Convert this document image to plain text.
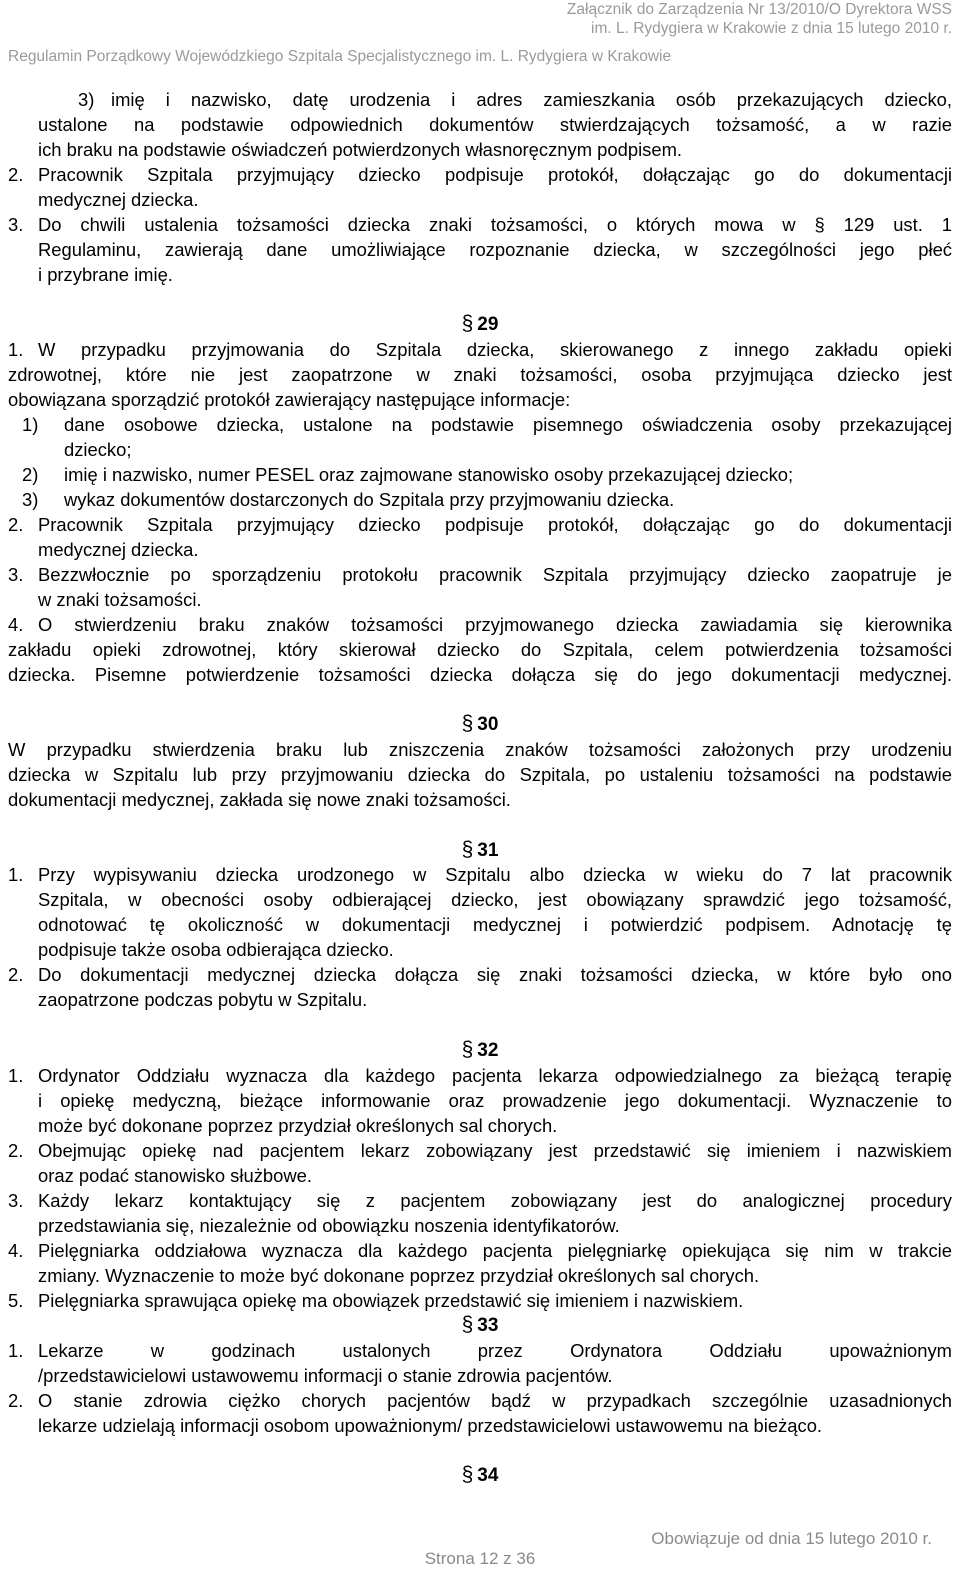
Załącznik do Zarządzenia Nr 13/2010/O Dyrektora WSS
im. L. Rydygiera w Krakowie z dnia 15 lutego 2010 r.
Regulamin Porządkowy Wojewódzkiego Szpitala Specjalistycznego im. L. Rydygiera w Krakowie
3) imię i nazwisko, datę urodzenia i adres zamieszkania osób przekazujących dziecko,
ustalone na podstawie odpowiednich dokumentów stwierdzających tożsamość, a w razie
ich braku na podstawie oświadczeń potwierdzonych własnoręcznym podpisem.
2. Pracownik Szpitala przyjmujący dziecko podpisuje protokół, dołączając go do dokumentacji
medycznej dziecka.
3. Do chwili ustalenia tożsamości dziecka znaki tożsamości, o których mowa w § 129 ust. 1
Regulaminu, zawierają dane umożliwiające rozpoznanie dziecka, w szczególności jego płeć
i przybrane imię.
§ 29
1. W przypadku przyjmowania do Szpitala dziecka, skierowanego z innego zakładu opieki
zdrowotnej, które nie jest zaopatrzone w znaki tożsamości, osoba przyjmująca dziecko jest
obowiązana sporządzić protokół zawierający następujące informacje:
1) dane osobowe dziecka, ustalone na podstawie pisemnego oświadczenia osoby przekazującej
dziecko;
2) imię i nazwisko, numer PESEL oraz zajmowane stanowisko osoby przekazującej dziecko;
3) wykaz dokumentów dostarczonych do Szpitala przy przyjmowaniu dziecka.
2. Pracownik Szpitala przyjmujący dziecko podpisuje protokół, dołączając go do dokumentacji
medycznej dziecka.
3. Bezzwłocznie po sporządzeniu protokołu pracownik Szpitala przyjmujący dziecko zaopatruje je
w znaki tożsamości.
4. O stwierdzeniu braku znaków tożsamości przyjmowanego dziecka zawiadamia się kierownika
zakładu opieki zdrowotnej, który skierował dziecko do Szpitala, celem potwierdzenia tożsamości
dziecka. Pisemne potwierdzenie tożsamości dziecka dołącza się do jego dokumentacji medycznej.
§ 30
W przypadku stwierdzenia braku lub zniszczenia znaków tożsamości założonych przy urodzeniu
dziecka w Szpitalu lub przy przyjmowaniu dziecka do Szpitala, po ustaleniu tożsamości na podstawie
dokumentacji medycznej, zakłada się nowe znaki tożsamości.
§ 31
1. Przy wypisywaniu dziecka urodzonego w Szpitalu albo dziecka w wieku do 7 lat pracownik
Szpitala, w obecności osoby odbierającej dziecko, jest obowiązany sprawdzić jego tożsamość,
odnotować tę okoliczność w dokumentacji medycznej i potwierdzić podpisem. Adnotację tę
podpisuje także osoba odbierająca dziecko.
2. Do dokumentacji medycznej dziecka dołącza się znaki tożsamości dziecka, w które było ono
zaopatrzone podczas pobytu w Szpitalu.
§ 32
1. Ordynator Oddziału wyznacza dla każdego pacjenta lekarza odpowiedzialnego za bieżącą terapię
i opiekę medyczną, bieżące informowanie oraz prowadzenie jego dokumentacji. Wyznaczenie to
może być dokonane poprzez przydział określonych sal chorych.
2. Obejmując opiekę nad pacjentem lekarz zobowiązany jest przedstawić się imieniem i nazwiskiem
oraz podać stanowisko służbowe.
3. Każdy lekarz kontaktujący się z pacjentem zobowiązany jest do analogicznej procedury
przedstawiania się, niezależnie od obowiązku noszenia identyfikatorów.
4. Pielęgniarka oddziałowa wyznacza dla każdego pacjenta pielęgniarkę opiekująca się nim w trakcie
zmiany. Wyznaczenie to może być dokonane poprzez przydział określonych sal chorych.
5. Pielęgniarka sprawująca opiekę ma obowiązek przedstawić się imieniem i nazwiskiem.
§ 33
1. Lekarze w godzinach ustalonych przez Ordynatora Oddziału upoważnionym
/przedstawicielowi ustawowemu informacji o stanie zdrowia pacjentów.
2. O stanie zdrowia ciężko chorych pacjentów bądź w przypadkach szczególnie uzasadnionych
lekarze udzielają informacji osobom upoważnionym/ przedstawicielowi ustawowemu na bieżąco.
§ 34
Obowiązuje od dnia 15 lutego 2010 r.
Strona 12 z 36
